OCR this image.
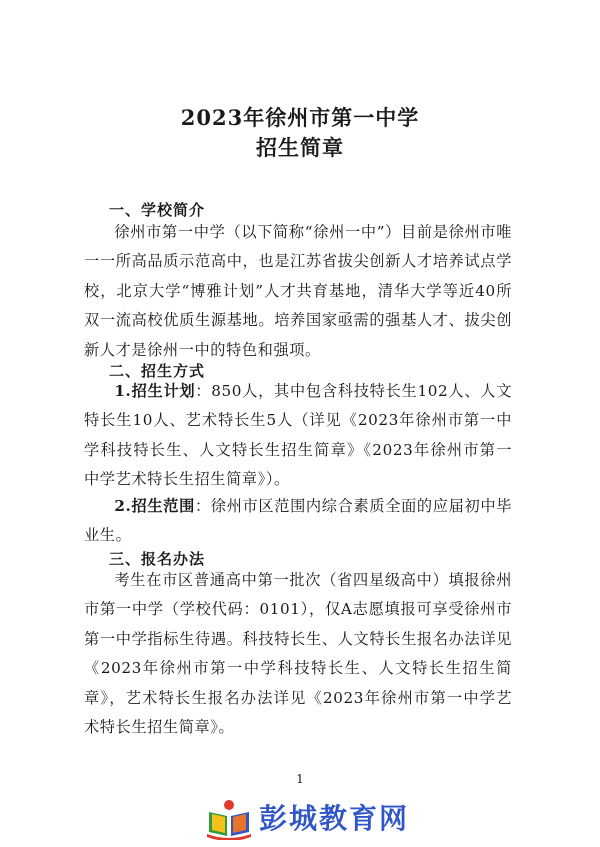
2023年徐州市第一中学
招生简章
一、学校简介

徐州市第一中学（以下简称“徐州一中”）目前是徐州市唯一一所高品质示范高中，也是江苏省拔尖创新人才培养试点学校，北京大学“博雅计划”人才共育基地，清华大学等近40所双一流高校优质生源基地。培养国家亟需的强基人才、拔尖创新人才是徐州一中的特色和强项。

二、招生方式

1.招生计划：850人，其中包含科技特长生102人、人文特长生10人、艺术特长生5人（详见《2023年徐州市第一中学科技特长生、人文特长生招生简章》《2023年徐州市第一中学艺术特长生招生简章》）。

2.招生范围：徐州市区范围内综合素质全面的应届初中毕业生。

三、报名办法

考生在市区普通高中第一批次（省四星级高中）填报徐州市第一中学（学校代码：0101），仅A志愿填报可享受徐州市第一中学指标生待遇。科技特长生、人文特长生报名办法详见《2023年徐州市第一中学科技特长生、人文特长生招生简章》，艺术特长生报名办法详见《2023年徐州市第一中学艺术特长生招生简章》。

1
彭城教育网
